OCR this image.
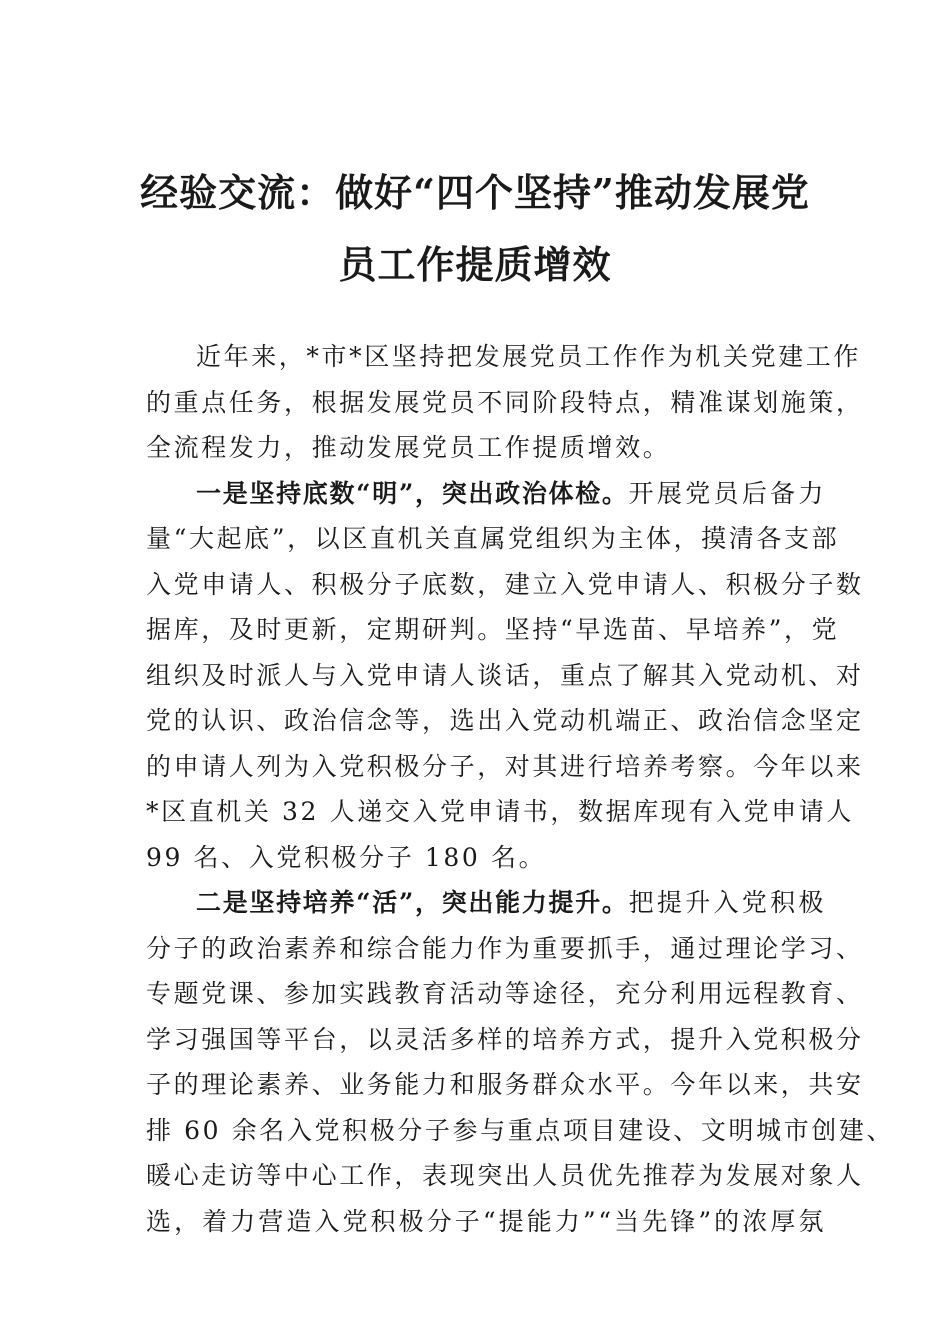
经验交流：做好“四个坚持”推动发展党
员工作提质增效
近年来，*市*区坚持把发展党员工作作为机关党建工作
的重点任务，根据发展党员不同阶段特点，精准谋划施策，
全流程发力，推动发展党员工作提质增效。
一是坚持底数“明”，突出政治体检。开展党员后备力
量“大起底”，以区直机关直属党组织为主体，摸清各支部
入党申请人、积极分子底数，建立入党申请人、积极分子数
据库，及时更新，定期研判。坚持“早选苗、早培养”，党
组织及时派人与入党申请人谈话，重点了解其入党动机、对
党的认识、政治信念等，选出入党动机端正、政治信念坚定
的申请人列为入党积极分子，对其进行培养考察。今年以来
*区直机关 32 人递交入党申请书，数据库现有入党申请人
99 名、入党积极分子 180 名。
二是坚持培养“活”，突出能力提升。把提升入党积极
分子的政治素养和综合能力作为重要抓手，通过理论学习、
专题党课、参加实践教育活动等途径，充分利用远程教育、
学习强国等平台，以灵活多样的培养方式，提升入党积极分
子的理论素养、业务能力和服务群众水平。今年以来，共安
排 60 余名入党积极分子参与重点项目建设、文明城市创建、
暖心走访等中心工作，表现突出人员优先推荐为发展对象人
选，着力营造入党积极分子“提能力”“当先锋”的浓厚氛
